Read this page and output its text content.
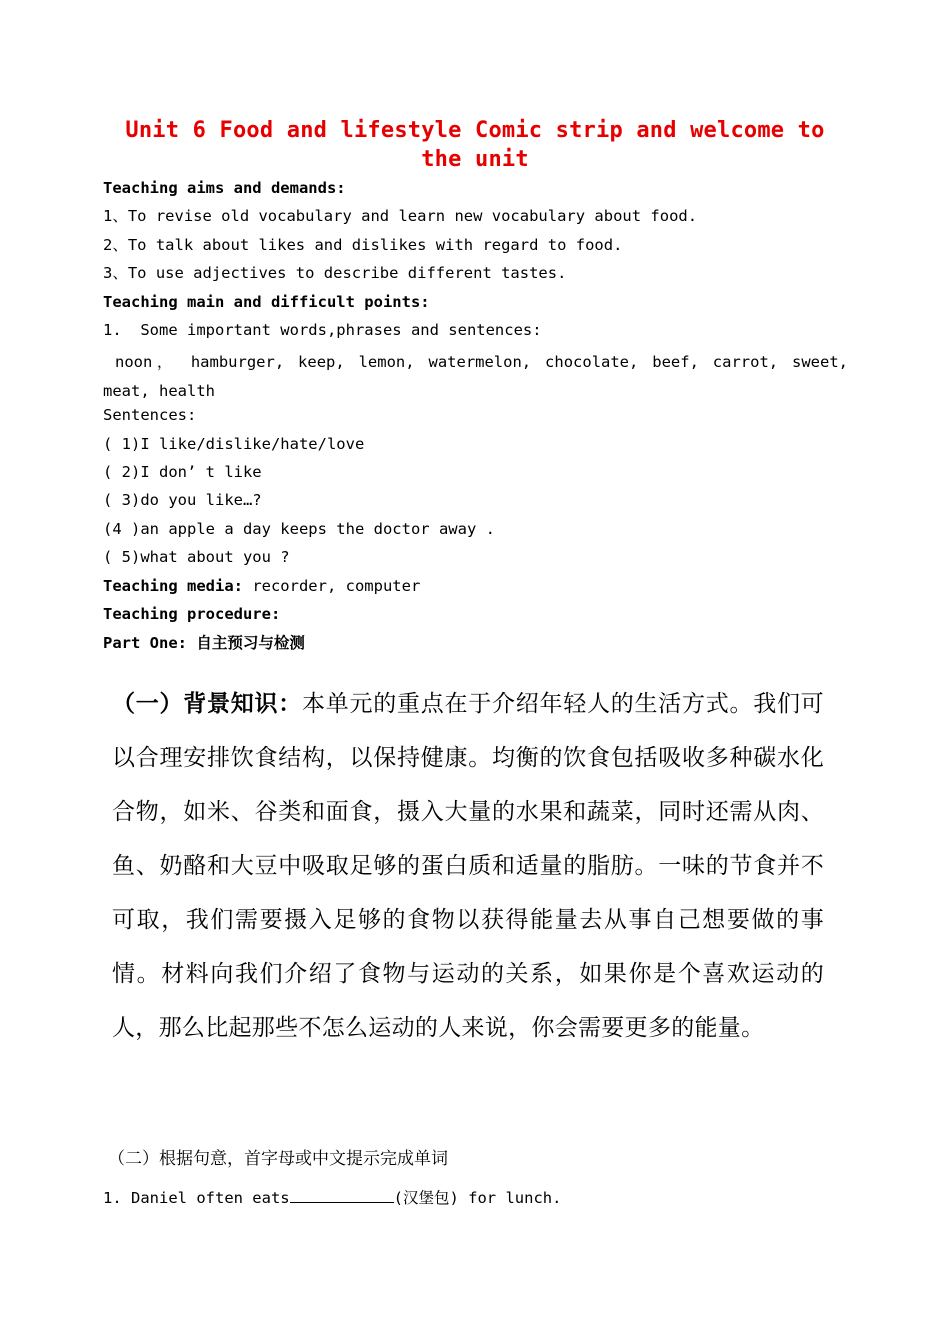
Unit 6 Food and lifestyle Comic strip and welcome to the unit
Teaching aims and demands:
1、To revise old vocabulary and learn new vocabulary about food.
2、To talk about likes and dislikes with regard to food.
3、To use adjectives to describe different tastes.
Teaching main and difficult points:
1.  Some important words,phrases and sentences:
noon， hamburger, keep, lemon, watermelon, chocolate, beef, carrot, sweet, meat, health
Sentences:
( 1)I like/dislike/hate/love
( 2)I don’ t like
( 3)do you like…?
(4 )an apple a day keeps the doctor away .
( 5)what about you ?
Teaching media: recorder, computer
Teaching procedure:
Part One: 自主预习与检测
（一）背景知识：本单元的重点在于介绍年轻人的生活方式。我们可以合理安排饮食结构，以保持健康。均衡的饮食包括吸收多种碳水化合物，如米、谷类和面食，摄入大量的水果和蔬菜，同时还需从肉、鱼、奶酪和大豆中吸取足够的蛋白质和适量的脂肪。一味的节食并不可取，我们需要摄入足够的食物以获得能量去从事自己想要做的事情。材料向我们介绍了食物与运动的关系，如果你是个喜欢运动的人，那么比起那些不怎么运动的人来说，你会需要更多的能量。
（二）根据句意，首字母或中文提示完成单词
1. Daniel often eats	(汉堡包) for lunch.
